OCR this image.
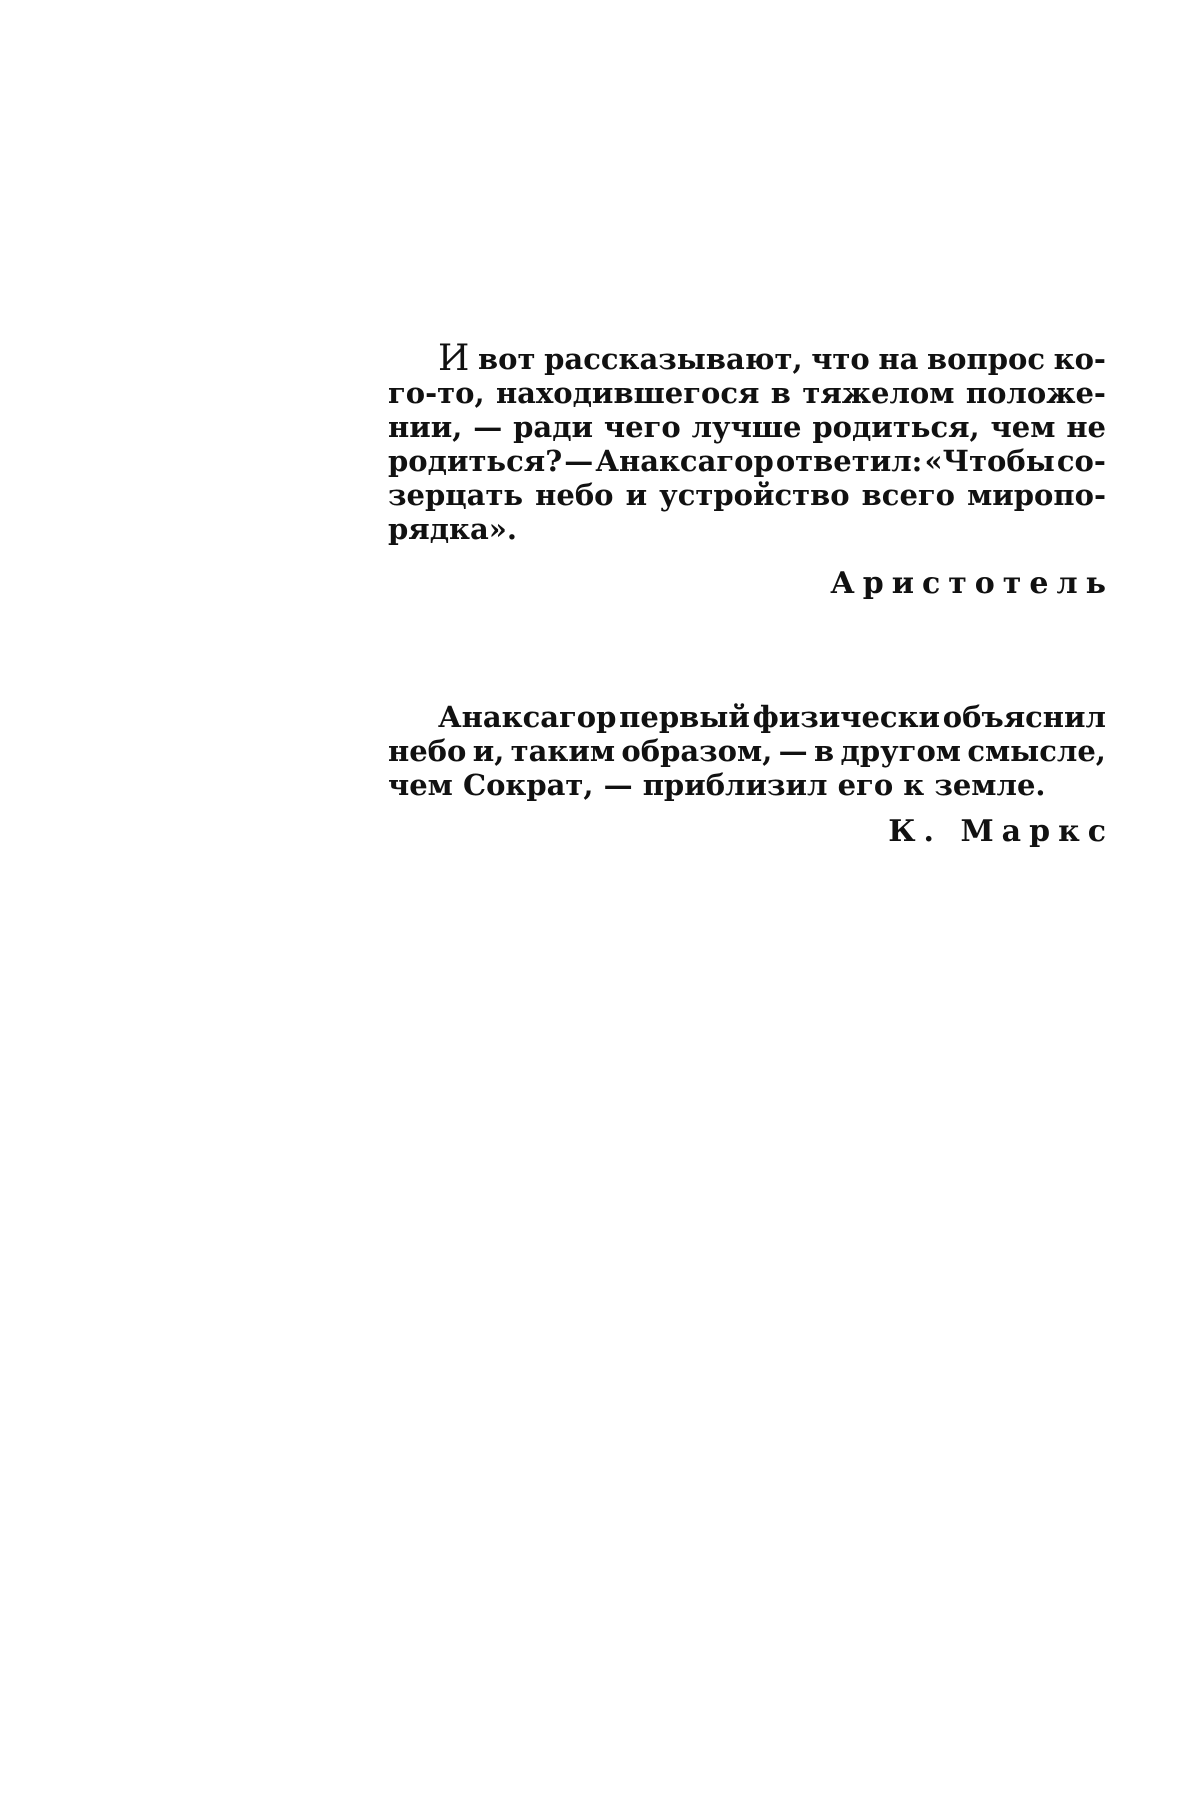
И вот рассказывают, что на вопрос ко-
го-то, находившегося в тяжелом положе-
нии, — ради чего лучше родиться, чем не
родиться? — Анаксагор ответил: «Чтобы со-
зерцать небо и устройство всего миропо-
рядка».
Аристотель
Анаксагор первый физически объяснил
небо и, таким образом, — в другом смысле,
чем
Сократ,
—
приблизил
его
к
земле.
К. Маркс
